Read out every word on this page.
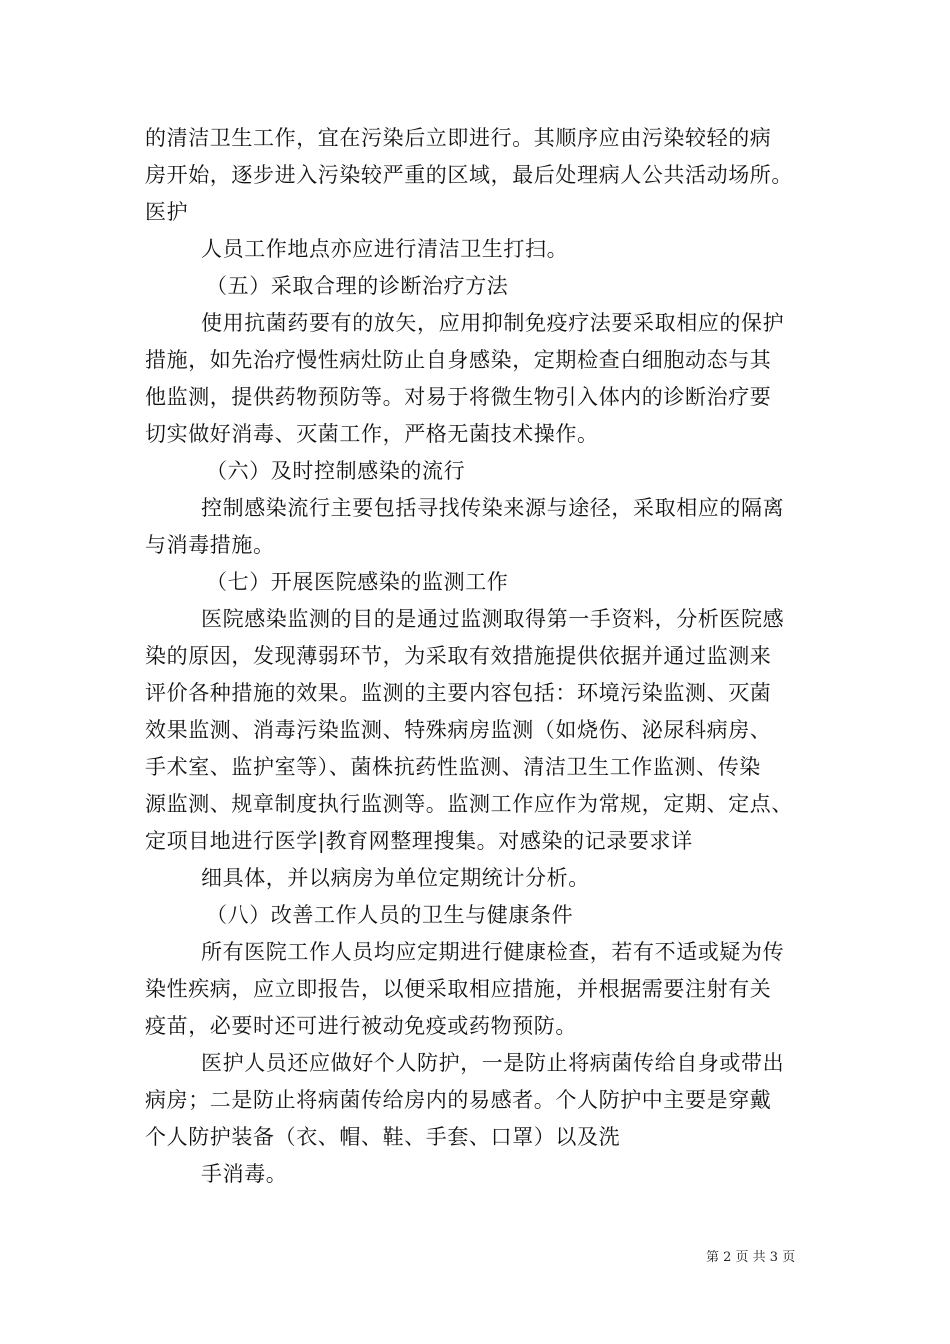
的清洁卫生工作，宜在污染后立即进行。其顺序应由污染较轻的病
房开始，逐步进入污染较严重的区域，最后处理病人公共活动场所。
医护
人员工作地点亦应进行清洁卫生打扫。
（五）采取合理的诊断治疗方法
使用抗菌药要有的放矢，应用抑制免疫疗法要采取相应的保护
措施，如先治疗慢性病灶防止自身感染，定期检查白细胞动态与其
他监测，提供药物预防等。对易于将微生物引入体内的诊断治疗要
切实做好消毒、灭菌工作，严格无菌技术操作。
（六）及时控制感染的流行
控制感染流行主要包括寻找传染来源与途径，采取相应的隔离
与消毒措施。
（七）开展医院感染的监测工作
医院感染监测的目的是通过监测取得第一手资料，分析医院感
染的原因，发现薄弱环节，为采取有效措施提供依据并通过监测来
评价各种措施的效果。监测的主要内容包括：环境污染监测、灭菌
效果监测、消毒污染监测、特殊病房监测（如烧伤、泌尿科病房、
手术室、监护室等）、菌株抗药性监测、清洁卫生工作监测、传染
源监测、规章制度执行监测等。监测工作应作为常规，定期、定点、
定项目地进行医学|教育网整理搜集。对感染的记录要求详
细具体，并以病房为单位定期统计分析。
（八）改善工作人员的卫生与健康条件
所有医院工作人员均应定期进行健康检查，若有不适或疑为传
染性疾病，应立即报告，以便采取相应措施，并根据需要注射有关
疫苗，必要时还可进行被动免疫或药物预防。
医护人员还应做好个人防护，一是防止将病菌传给自身或带出
病房；二是防止将病菌传给房内的易感者。个人防护中主要是穿戴
个人防护装备（衣、帽、鞋、手套、口罩）以及洗
手消毒。
第 2 页 共 3 页
